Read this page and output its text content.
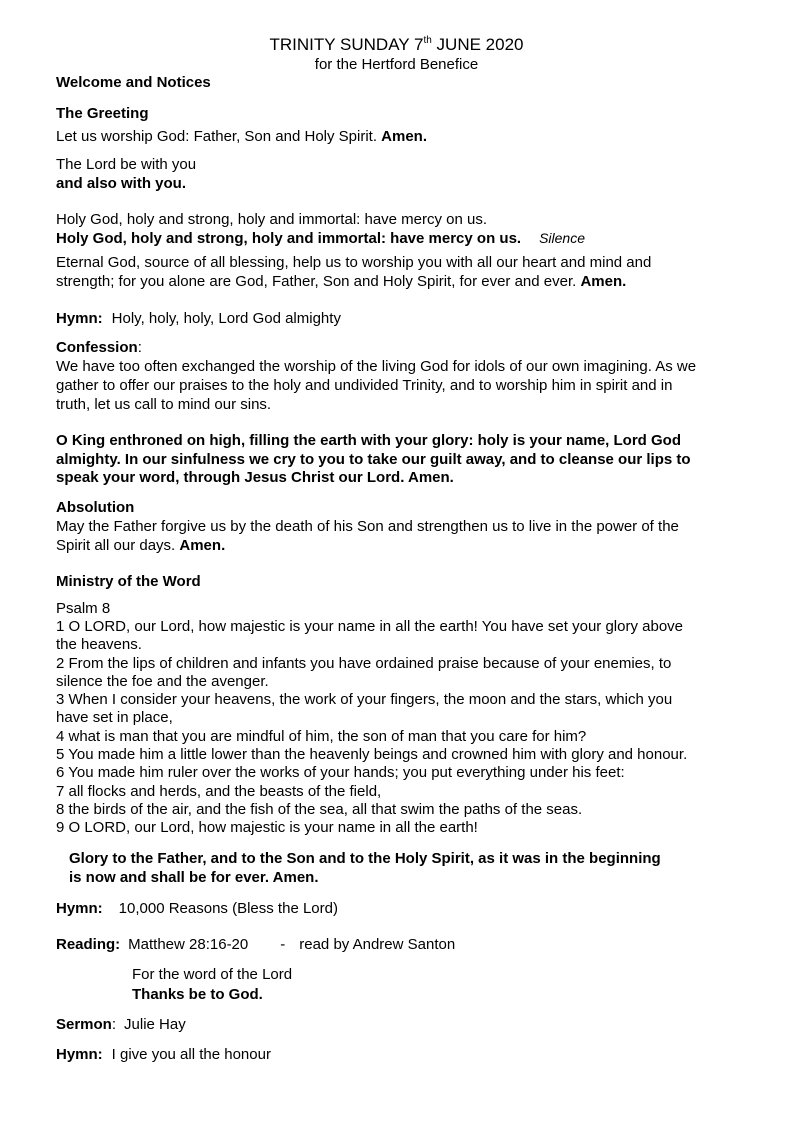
TRINITY SUNDAY 7th JUNE 2020
for the Hertford Benefice
Welcome and Notices
The Greeting
Let us worship God: Father, Son and Holy Spirit. Amen.
The Lord be with you
and also with you.
Holy God, holy and strong, holy and immortal: have mercy on us.
Holy God, holy and strong, holy and immortal: have mercy on us. Silence
Eternal God, source of all blessing, help us to worship you with all our heart and mind and
strength; for you alone are God, Father, Son and Holy Spirit, for ever and ever. Amen.
Hymn: Holy, holy, holy, Lord God almighty
Confession:
We have too often exchanged the worship of the living God for idols of our own imagining. As we
gather to offer our praises to the holy and undivided Trinity, and to worship him in spirit and in
truth, let us call to mind our sins.
O King enthroned on high, filling the earth with your glory: holy is your name, Lord God
almighty. In our sinfulness we cry to you to take our guilt away, and to cleanse our lips to
speak your word, through Jesus Christ our Lord. Amen.
Absolution
May the Father forgive us by the death of his Son and strengthen us to live in the power of the
Spirit all our days. Amen.
Ministry of the Word
Psalm 8
1 O LORD, our Lord, how majestic is your name in all the earth! You have set your glory above
the heavens.
2 From the lips of children and infants you have ordained praise because of your enemies, to
silence the foe and the avenger.
3 When I consider your heavens, the work of your fingers, the moon and the stars, which you
have set in place,
4 what is man that you are mindful of him, the son of man that you care for him?
5 You made him a little lower than the heavenly beings and crowned him with glory and honour.
6 You made him ruler over the works of your hands; you put everything under his feet:
7 all flocks and herds, and the beasts of the field,
8 the birds of the air, and the fish of the sea, all that swim the paths of the seas.
9 O LORD, our Lord, how majestic is your name in all the earth!
Glory to the Father, and to the Son and to the Holy Spirit, as it was in the beginning
is now and shall be for ever. Amen.
Hymn: 10,000 Reasons (Bless the Lord)
Reading: Matthew 28:16-20 - read by Andrew Santon
For the word of the Lord
Thanks be to God.
Sermon: Julie Hay
Hymn: I give you all the honour
